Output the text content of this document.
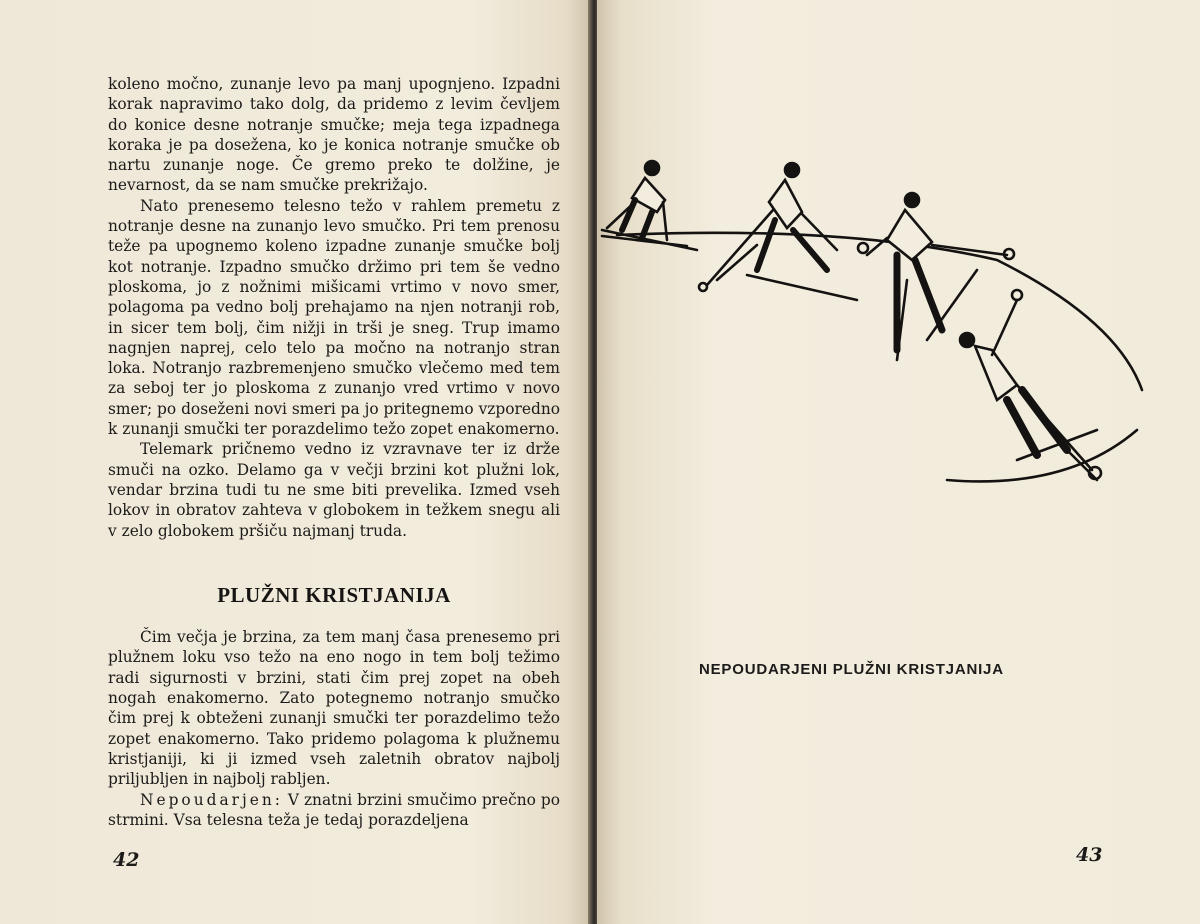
koleno močno, zunanje levo pa manj upognjeno. Izpadni korak napravimo tako dolg, da pridemo z levim čevljem do konice desne notranje smučke; meja tega izpadnega koraka je pa dosežena, ko je konica notranje smučke ob nartu zunanje noge. Če gremo preko te dolžine, je nevarnost, da se nam smučke prekrižajo.

Nato prenesemo telesno težo v rahlem premetu z notranje desne na zunanjo levo smučko. Pri tem prenosu teže pa upognemo koleno izpadne zunanje smučke bolj kot notranje. Izpadno smučko držimo pri tem še vedno ploskoma, jo z nožnimi mišicami vrtimo v novo smer, polagoma pa vedno bolj prehajamo na njen notranji rob, in sicer tem bolj, čim nižji in trši je sneg. Trup imamo nagnjen naprej, celo telo pa močno na notranjo stran loka. Notranjo razbremenjeno smučko vlečemo med tem za seboj ter jo ploskoma z zunanjo vred vrtimo v novo smer; po doseženi novi smeri pa jo pritegnemo vzporedno k zunanji smučki ter porazdelimo težo zopet enakomerno.

Telemark pričnemo vedno iz vzravnave ter iz drže smuči na ozko. Delamo ga v večji brzini kot plužni lok, vendar brzina tudi tu ne sme biti prevelika. Izmed vseh lokov in obratov zahteva v globokem in težkem snegu ali v zelo globokem pršiču najmanj truda.

PLUŽNI KRISTJANIJA

Čim večja je brzina, za tem manj časa prenesemo pri plužnem loku vso težo na eno nogo in tem bolj težimo radi sigurnosti v brzini, stati čim prej zopet na obeh nogah enakomerno. Zato potegnemo notranjo smučko čim prej k obteženi zunanji smučki ter porazdelimo težo zopet enakomerno. Tako pridemo polagoma k plužnemu kristjaniji, ki ji izmed vseh zaletnih obratov najbolj priljubljen in najbolj rabljen.

Nepoudarjen: V znatni brzini smučimo prečno po strmini. Vsa telesna teža je tedaj porazdeljena

42
NEPOUDARJENI PLUŽNI KRISTJANIJA
43
